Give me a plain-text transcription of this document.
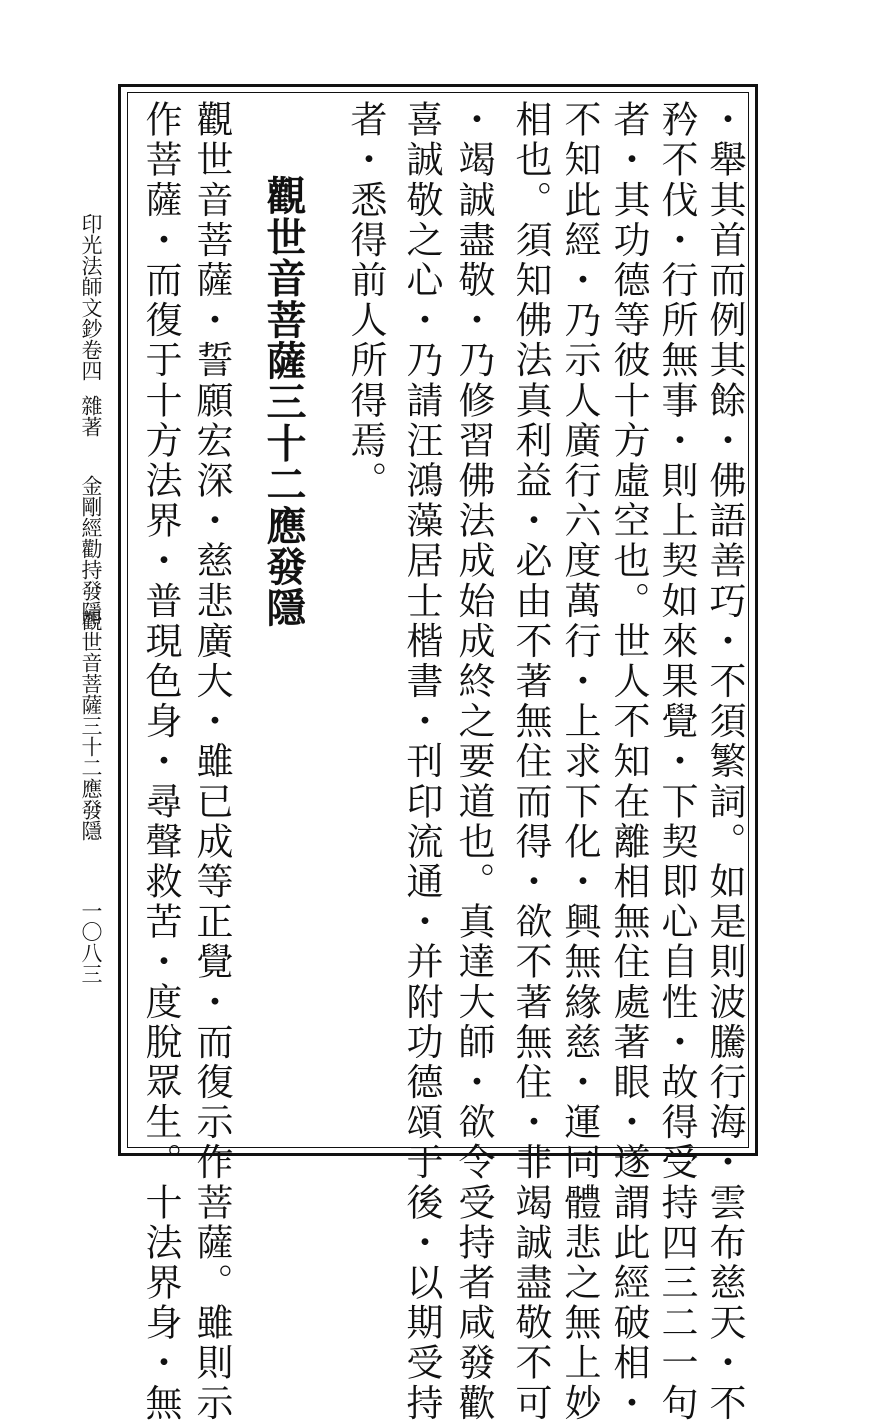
・舉其首而例其餘・佛語善巧・不須繁詞。如是則波騰行海・雲布慈天・不
矜不伐・行所無事・則上契如來果覺・下契即心自性・故得受持四三二一句
者・其功德等彼十方虛空也。世人不知在離相無住處著眼・遂謂此經破相・
不知此經・乃示人廣行六度萬行・上求下化・興無緣慈・運同體悲之無上妙
相也。須知佛法真利益・必由不著無住而得・欲不著無住・非竭誠盡敬不可
・竭誠盡敬・乃修習佛法成始成終之要道也。真達大師・欲令受持者咸發歡
喜誠敬之心・乃請汪鴻藻居士楷書・刊印流通・并附功德頌于後・以期受持
者・悉得前人所得焉。
觀世音菩薩三十二應發隱
觀世音菩薩・誓願宏深・慈悲廣大・雖已成等正覺・而復示作菩薩。雖則示
作菩薩・而復于十方法界・普現色身・尋聲救苦・度脫眾生。十法界身・無
印光法師文鈔卷四
雜著
金剛經勸持發隱
觀世音菩薩三十二應發隱
一〇八三
